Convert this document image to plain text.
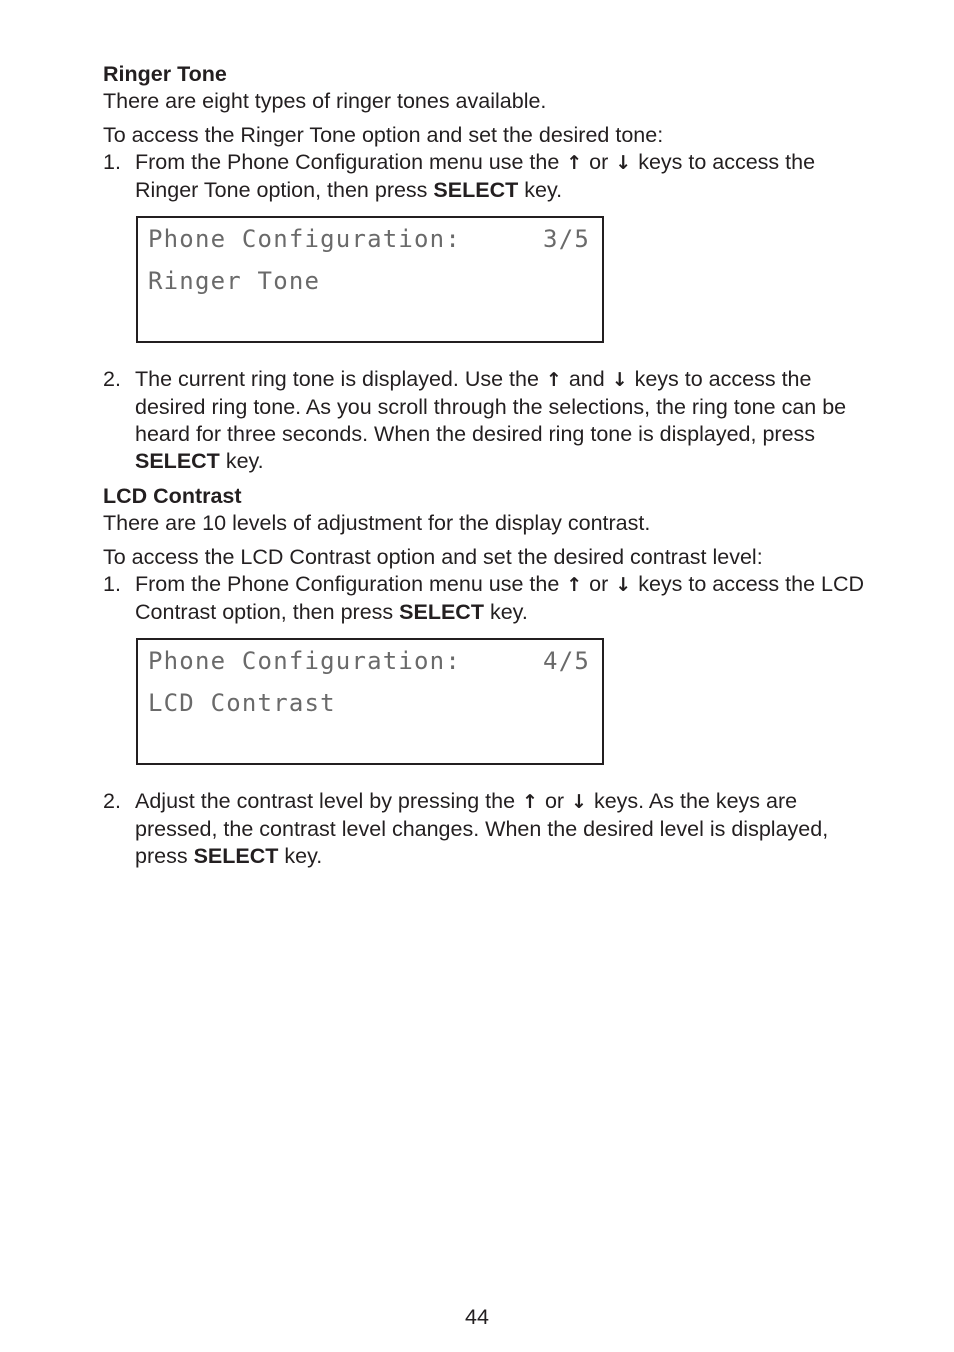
Ringer Tone

There are eight types of ringer tones available.

To access the Ringer Tone option and set the desired tone:

1. From the Phone Configuration menu use the ↑ or ↓ keys to access the Ringer Tone option, then press SELECT key.
Phone Configuration:	3/5
Ringer Tone
2. The current ring tone is displayed. Use the ↑ and ↓ keys to access the desired ring tone. As you scroll through the selections, the ring tone can be heard for three seconds. When the desired ring tone is displayed, press SELECT key.
LCD Contrast

There are 10 levels of adjustment for the display contrast.

To access the LCD Contrast option and set the desired contrast level:

1. From the Phone Configuration menu use the ↑ or ↓ keys to access the LCD Contrast option, then press SELECT key.
Phone Configuration:	4/5
LCD Contrast
2. Adjust the contrast level by pressing the ↑ or ↓ keys. As the keys are pressed, the contrast level changes. When the desired level is displayed, press SELECT key.
44
